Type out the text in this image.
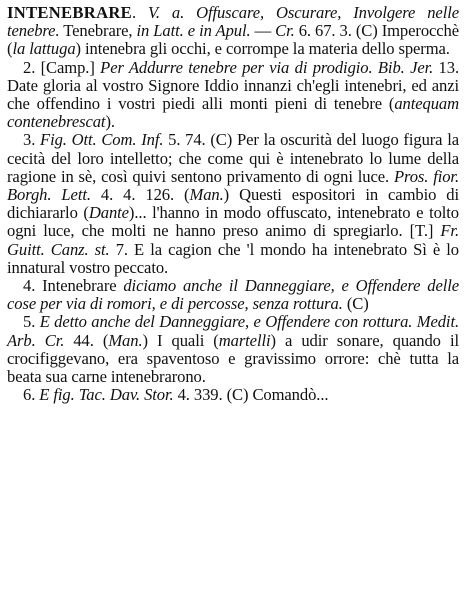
INTENEBRARE. V. a. Offuscare, Oscurare, Involgere nelle tenebre. Tenebrare, in Latt. e in Apul. — Cr. 6. 67. 3. (C) Imperocchè (la lattuga) intenebra gli occhi, e corrompe la materia dello sperma.

2. [Camp.] Per Addurre tenebre per via di prodigio. Bib. Jer. 13. Date gloria al vostro Signore Iddio innanzi ch'egli intenebri, ed anzi che offendino i vostri piedi alli monti pieni di tenebre (antequam contenebrescat).

3. Fig. Ott. Com. Inf. 5. 74. (C) Per la oscurità del luogo figura la cecità del loro intelletto; che come qui è intenebrato lo lume della ragione in sè, così quivi sentono privamento di ogni luce. Pros. fior. Borgh. Lett. 4. 4. 126. (Man.) Questi espositori in cambio di dichiararlo (Dante)... l'hanno in modo offuscato, intenebrato e tolto ogni luce, che molti ne hanno preso animo di spregiarlo. [T.] Fr. Guitt. Canz. st. 7. E la cagion che 'l mondo ha intenebrato Sì è lo innatural vostro peccato.

4. Intenebrare diciamo anche il Danneggiare, e Offendere delle cose per via di romori, e di percosse, senza rottura. (C)

5. E detto anche del Danneggiare, e Offendere con rottura. Medit. Arb. Cr. 44. (Man.) I quali (martelli) a udir sonare, quando il crocifiggevano, era spaventoso e gravissimo orrore: chè tutta la beata sua carne intenebrarono.

6. E fig. Tac. Dav. Stor. 4. 339. (C) Comandò...
